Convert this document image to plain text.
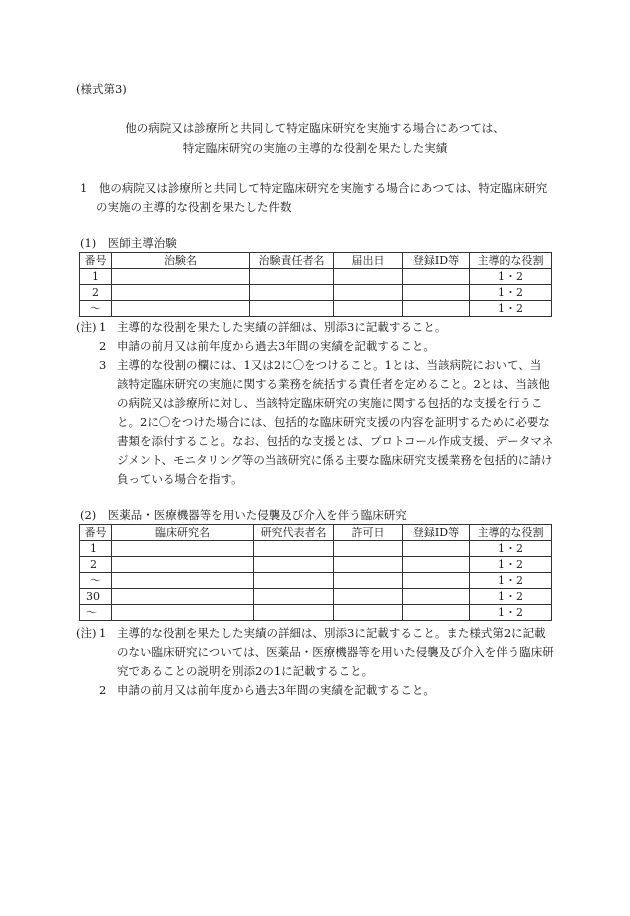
(様式第3)
他の病院又は診療所と共同して特定臨床研究を実施する場合にあつては、
特定臨床研究の実施の主導的な役割を果たした実績
1　他の病院又は診療所と共同して特定臨床研究を実施する場合にあつては、特定臨床研究
の実施の主導的な役割を果たした件数
(1)　医師主導治験
番号	治験名	治験責任者名	届出日	登録ID等	主導的な役割
1					1・2
2					1・2
～					1・2
(注) 1 主導的な役割を果たした実績の詳細は、別添3に記載すること。
2 申請の前月又は前年度から過去3年間の実績を記載すること。
3 主導的な役割の欄には、1又は2に〇をつけること。1とは、当該病院において、当
該特定臨床研究の実施に関する業務を統括する責任者を定めること。2とは、当該他
の病院又は診療所に対し、当該特定臨床研究の実施に関する包括的な支援を行うこ
と。2に〇をつけた場合には、包括的な臨床研究支援の内容を証明するために必要な
書類を添付すること。なお、包括的な支援とは、プロトコール作成支援、データマネ
ジメント、モニタリング等の当該研究に係る主要な臨床研究支援業務を包括的に請け
負っている場合を指す。
(2)　医薬品・医療機器等を用いた侵襲及び介入を伴う臨床研究
番号	臨床研究名	研究代表者名	許可日	登録ID等	主導的な役割
1					1・2
2					1・2
～					1・2
30					1・2
～					1・2
(注) 1 主導的な役割を果たした実績の詳細は、別添3に記載すること。また様式第2に記載
のない臨床研究については、医薬品・医療機器等を用いた侵襲及び介入を伴う臨床研
究であることの説明を別添2の1に記載すること。
2 申請の前月又は前年度から過去3年間の実績を記載すること。
